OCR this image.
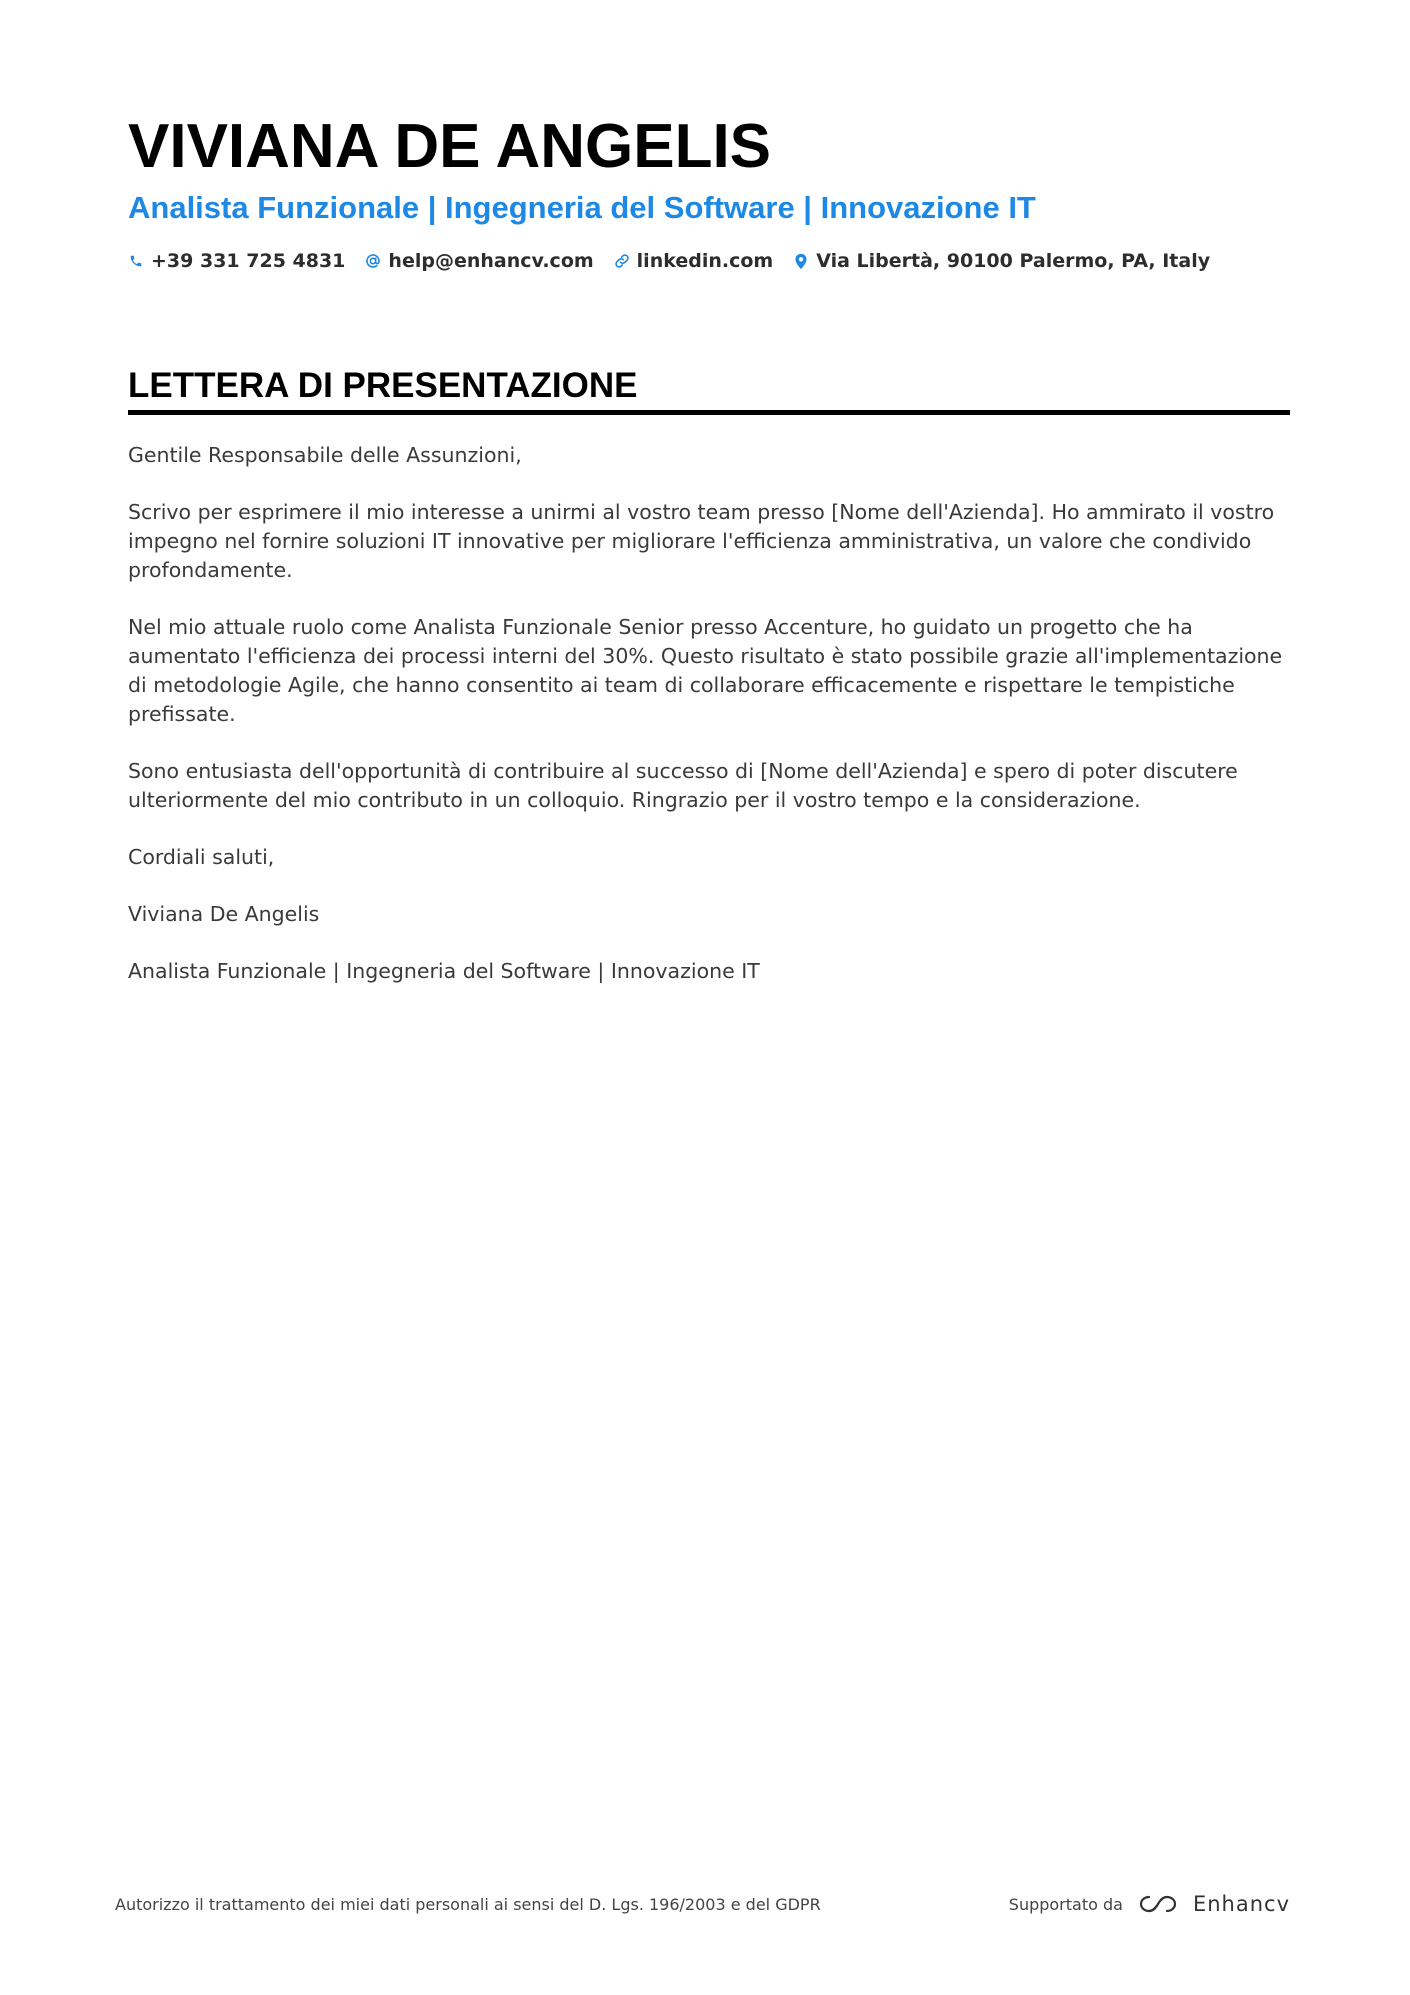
VIVIANA DE ANGELIS
Analista Funzionale | Ingegneria del Software | Innovazione IT
+39 331 725 4831 help@enhancv.com linkedin.com Via Libertà, 90100 Palermo, PA, Italy
LETTERA DI PRESENTAZIONE

Gentile Responsabile delle Assunzioni,

Scrivo per esprimere il mio interesse a unirmi al vostro team presso [Nome dell'Azienda]. Ho ammirato il vostro impegno nel fornire soluzioni IT innovative per migliorare l'efficienza amministrativa, un valore che condivido profondamente.

Nel mio attuale ruolo come Analista Funzionale Senior presso Accenture, ho guidato un progetto che ha aumentato l'efficienza dei processi interni del 30%. Questo risultato è stato possibile grazie all'implementazione di metodologie Agile, che hanno consentito ai team di collaborare efficacemente e rispettare le tempistiche prefissate.

Sono entusiasta dell'opportunità di contribuire al successo di [Nome dell'Azienda] e spero di poter discutere ulteriormente del mio contributo in un colloquio. Ringrazio per il vostro tempo e la considerazione.

Cordiali saluti,

Viviana De Angelis

Analista Funzionale | Ingegneria del Software | Innovazione IT

Autorizzo il trattamento dei miei dati personali ai sensi del D. Lgs. 196/2003 e del GDPR	Supportato da	Enhancv
